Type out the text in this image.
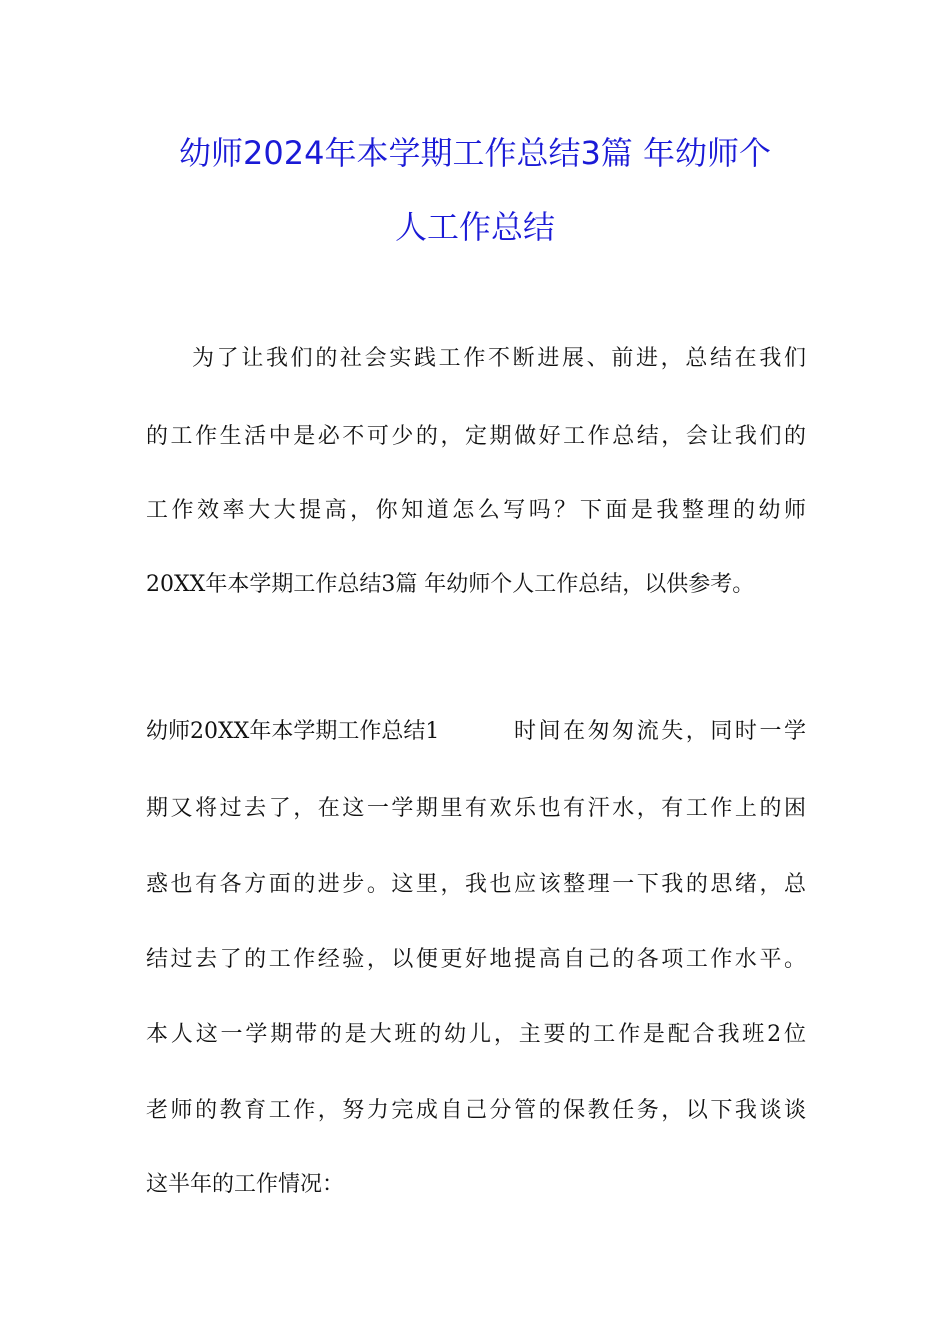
幼师2024年本学期工作总结3篇 年幼师个
人工作总结
为了让我们的社会实践工作不断进展、前进，总结在我们
的工作生活中是必不可少的，定期做好工作总结，会让我们的
工作效率大大提高，你知道怎么写吗？下面是我整理的幼师
20XX年本学期工作总结3篇 年幼师个人工作总结，以供参考。
幼师20XX年本学期工作总结1	时间在匆匆流失，同时一学
期又将过去了，在这一学期里有欢乐也有汗水，有工作上的困
惑也有各方面的进步。这里，我也应该整理一下我的思绪，总
结过去了的工作经验，以便更好地提高自己的各项工作水平。
本人这一学期带的是大班的幼儿，主要的工作是配合我班2位
老师的教育工作，努力完成自己分管的保教任务，以下我谈谈
这半年的工作情况：
